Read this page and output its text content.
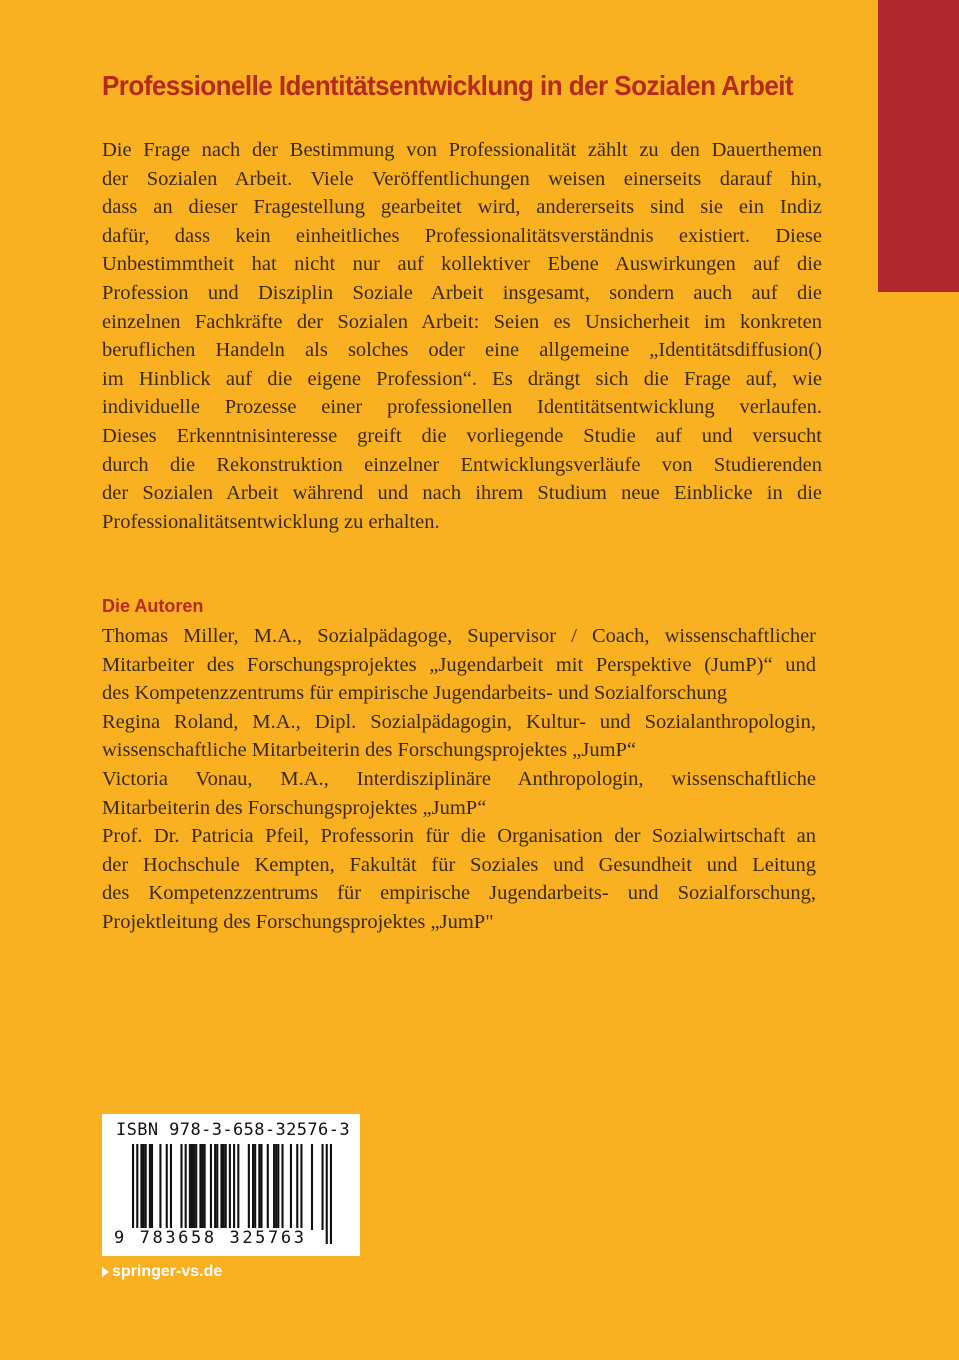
Professionelle Identitätsentwicklung in der Sozialen Arbeit
Die Frage nach der Bestimmung von Professionalität zählt zu den Dauerthemen
der Sozialen Arbeit. Viele Veröffentlichungen weisen einerseits darauf hin,
dass an dieser Fragestellung gearbeitet wird, andererseits sind sie ein Indiz
dafür, dass kein einheitliches Professionalitätsverständnis existiert. Diese
Unbestimmtheit hat nicht nur auf kollektiver Ebene Auswirkungen auf die
Profession und Disziplin Soziale Arbeit insgesamt, sondern auch auf die
einzelnen Fachkräfte der Sozialen Arbeit: Seien es Unsicherheit im konkreten
beruflichen Handeln als solches oder eine allgemeine „Identitätsdiffusion()
im Hinblick auf die eigene Profession“. Es drängt sich die Frage auf, wie
individuelle Prozesse einer professionellen Identitätsentwicklung verlaufen.
Dieses Erkenntnisinteresse greift die vorliegende Studie auf und versucht
durch die Rekonstruktion einzelner Entwicklungsverläufe von Studierenden
der Sozialen Arbeit während und nach ihrem Studium neue Einblicke in die
Professionalitätsentwicklung zu erhalten.
Die Autoren
Thomas Miller, M.A., Sozialpädagoge, Supervisor / Coach, wissenschaftlicher
Mitarbeiter des Forschungsprojektes „Jugendarbeit mit Perspektive (JumP)“ und
des Kompetenzzentrums für empirische Jugendarbeits- und Sozialforschung
Regina Roland, M.A., Dipl. Sozialpädagogin, Kultur- und Sozialanthropologin,
wissenschaftliche Mitarbeiterin des Forschungsprojektes „JumP“
Victoria Vonau, M.A., Interdisziplinäre Anthropologin, wissenschaftliche
Mitarbeiterin des Forschungsprojektes „JumP“
Prof. Dr. Patricia Pfeil, Professorin für die Organisation der Sozialwirtschaft an
der Hochschule Kempten, Fakultät für Soziales und Gesundheit und Leitung
des Kompetenzzentrums für empirische Jugendarbeits- und Sozialforschung,
Projektleitung des Forschungsprojektes „JumP"
ISBN 978-3-658-32576-3
9 783658 325763
springer-vs.de
